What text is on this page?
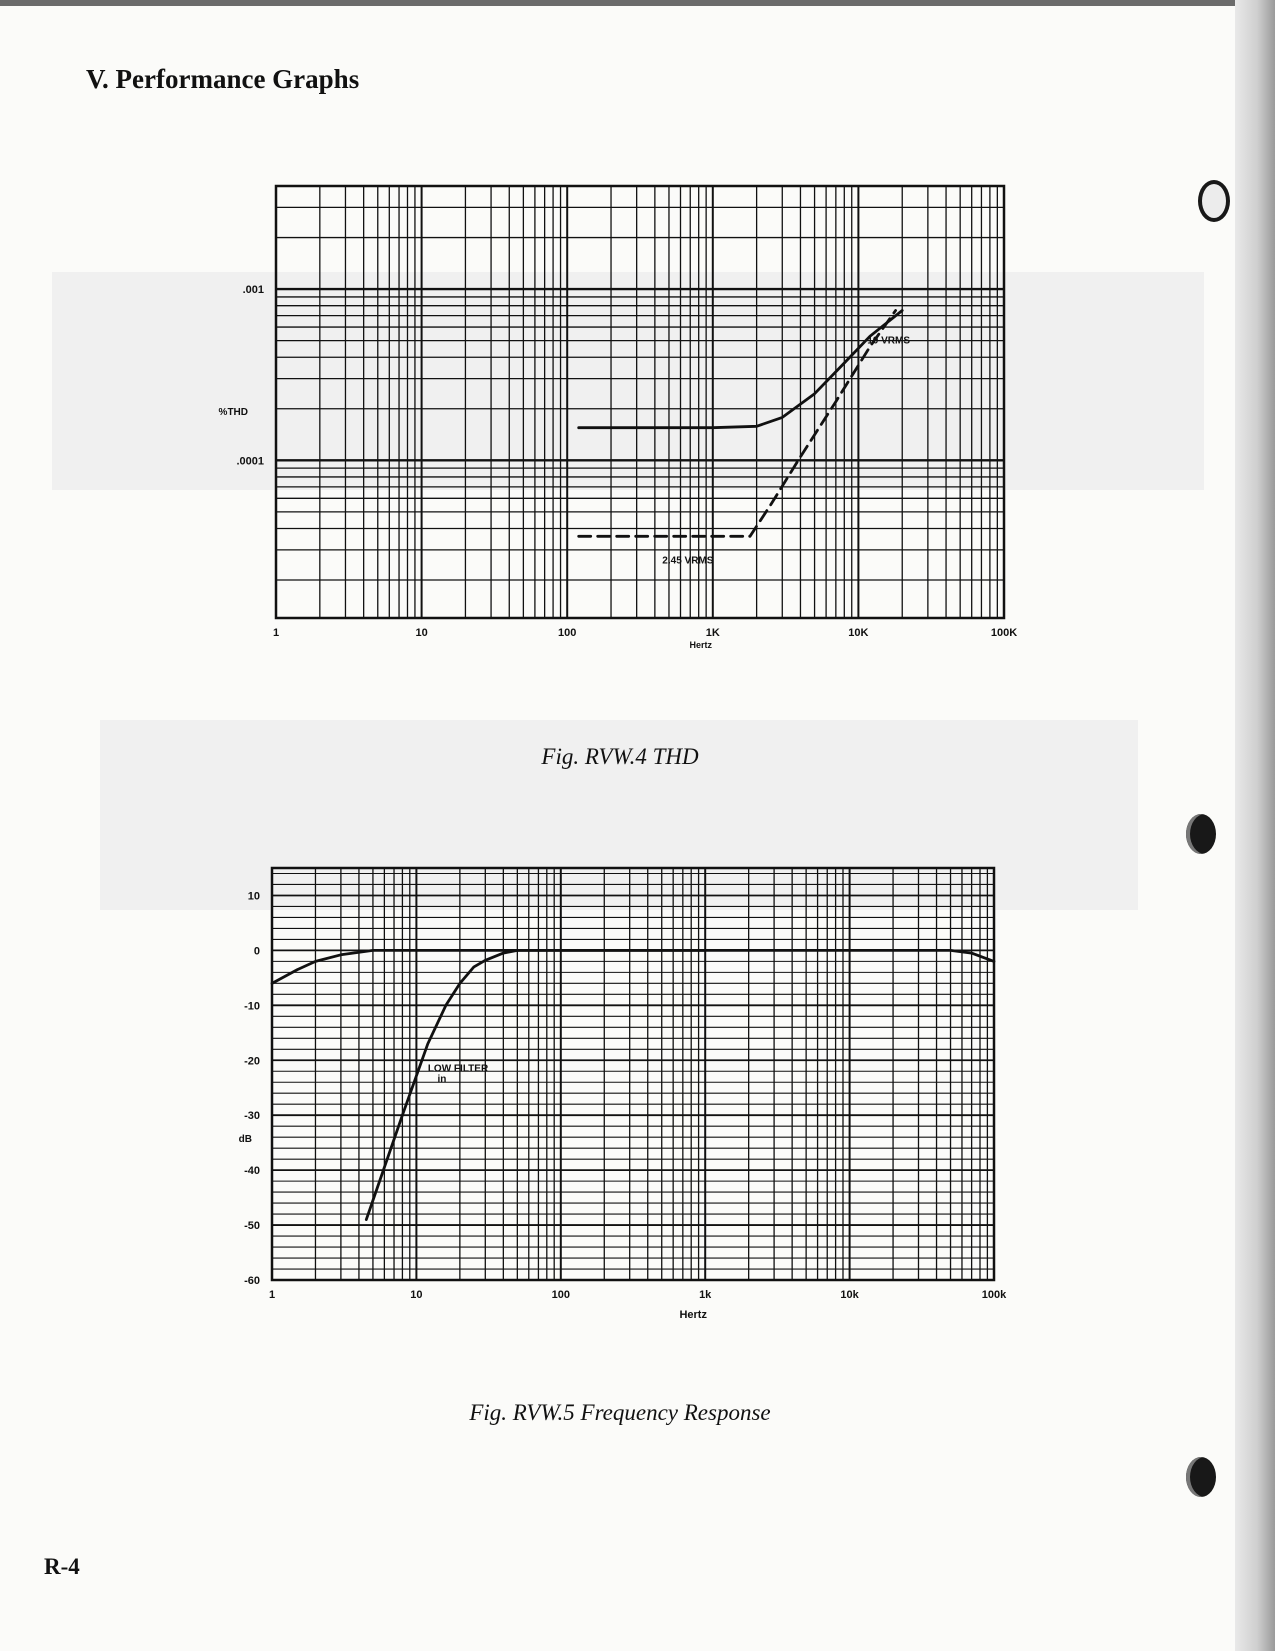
V. Performance Graphs
1	10	100	1K	10K	100K
.001
.0001
Hertz
%THD
10 VRMS
2.45 VRMS
1	10	100	1k	10k	100k
10
0
-10
-20
-30
-40
-50
-60
Hertz
dB
LOW FILTER
in

Fig. RVW.4 THD

Fig. RVW.5 Frequency Response

R-4
